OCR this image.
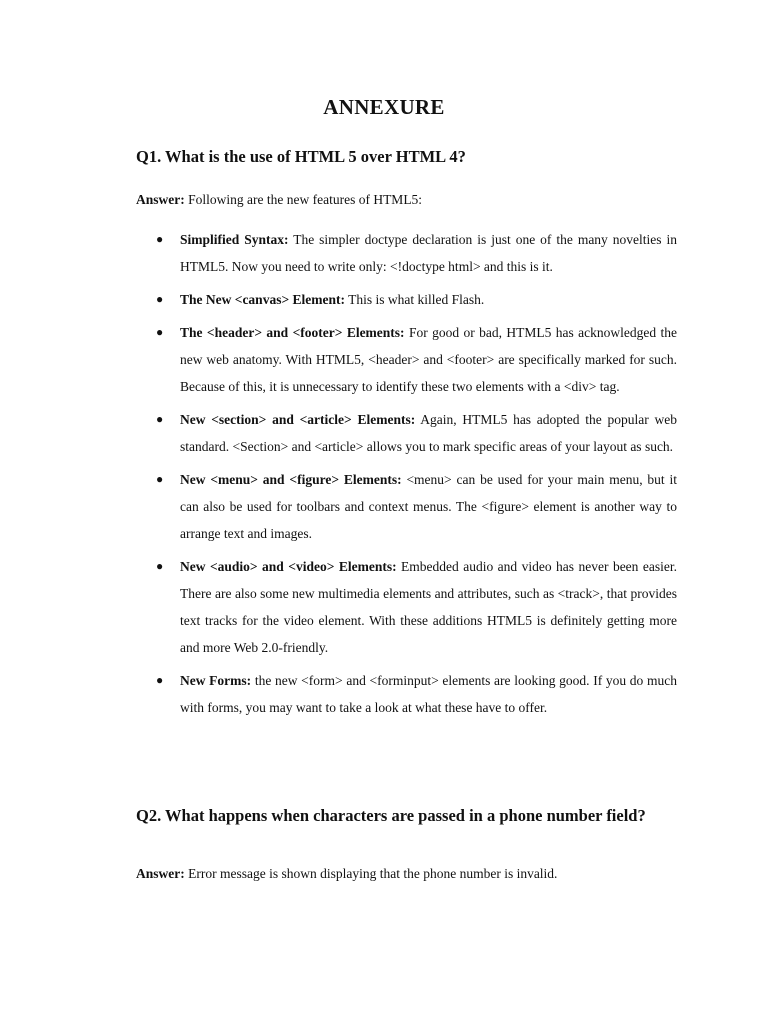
ANNEXURE
Q1. What is the use of HTML 5 over HTML 4?

Answer: Following are the new features of HTML5:

● Simplified Syntax: The simpler doctype declaration is just one of the many novelties in HTML5. Now you need to write only: <!doctype html> and this is it.
● The New <canvas> Element: This is what killed Flash.
● The <header> and <footer> Elements: For good or bad, HTML5 has acknowledged the new web anatomy. With HTML5, <header> and <footer> are specifically marked for such. Because of this, it is unnecessary to identify these two elements with a <div> tag.
● New <section> and <article> Elements: Again, HTML5 has adopted the popular web standard. <Section> and <article> allows you to mark specific areas of your layout as such.
● New <menu> and <figure> Elements: <menu> can be used for your main menu, but it can also be used for toolbars and context menus. The <figure> element is another way to arrange text and images.
● New <audio> and <video> Elements: Embedded audio and video has never been easier. There are also some new multimedia elements and attributes, such as <track>, that provides text tracks for the video element. With these additions HTML5 is definitely getting more and more Web 2.0-friendly.
● New Forms: the new <form> and <forminput> elements are looking good. If you do much with forms, you may want to take a look at what these have to offer.
Q2. What happens when characters are passed in a phone number field?

Answer: Error message is shown displaying that the phone number is invalid.
